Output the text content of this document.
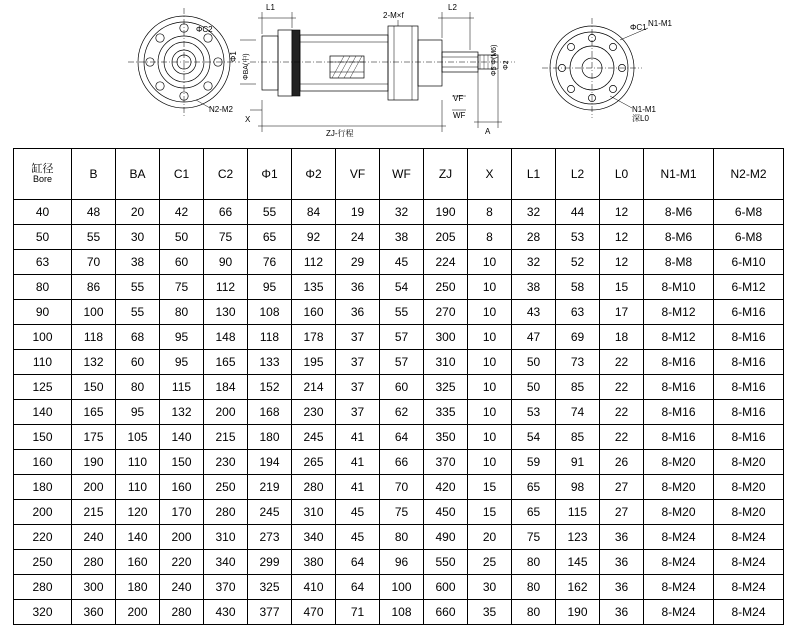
L1	L2
2-M×f
ΦC2	ΦC1
Φ1 ΦBA(中)	Φ2
Φ5 Φ(M6)
N2-M2
N1-M1
N1-M1
深L0
VF
WF
ZJ-行程
X
A
缸径
Bore	B	BA	C1	C2	Φ1	Φ2	VF	WF	ZJ	X	L1	L2	L0	N1-M1	N2-M2
40	48	20	42	66	55	84	19	32	190	8	32	44	12	8-M6	6-M8
50	55	30	50	75	65	92	24	38	205	8	28	53	12	8-M6	6-M8
63	70	38	60	90	76	112	29	45	224	10	32	52	12	8-M8	6-M10
80	86	55	75	112	95	135	36	54	250	10	38	58	15	8-M10	6-M12
90	100	55	80	130	108	160	36	55	270	10	43	63	17	8-M12	6-M16
100	118	68	95	148	118	178	37	57	300	10	47	69	18	8-M12	8-M16
110	132	60	95	165	133	195	37	57	310	10	50	73	22	8-M16	8-M16
125	150	80	115	184	152	214	37	60	325	10	50	85	22	8-M16	8-M16
140	165	95	132	200	168	230	37	62	335	10	53	74	22	8-M16	8-M16
150	175	105	140	215	180	245	41	64	350	10	54	85	22	8-M16	8-M16
160	190	110	150	230	194	265	41	66	370	10	59	91	26	8-M20	8-M20
180	200	110	160	250	219	280	41	70	420	15	65	98	27	8-M20	8-M20
200	215	120	170	280	245	310	45	75	450	15	65	115	27	8-M20	8-M20
220	240	140	200	310	273	340	45	80	490	20	75	123	36	8-M24	8-M24
250	280	160	220	340	299	380	64	96	550	25	80	145	36	8-M24	8-M24
280	300	180	240	370	325	410	64	100	600	30	80	162	36	8-M24	8-M24
320	360	200	280	430	377	470	71	108	660	35	80	190	36	8-M24	8-M24
